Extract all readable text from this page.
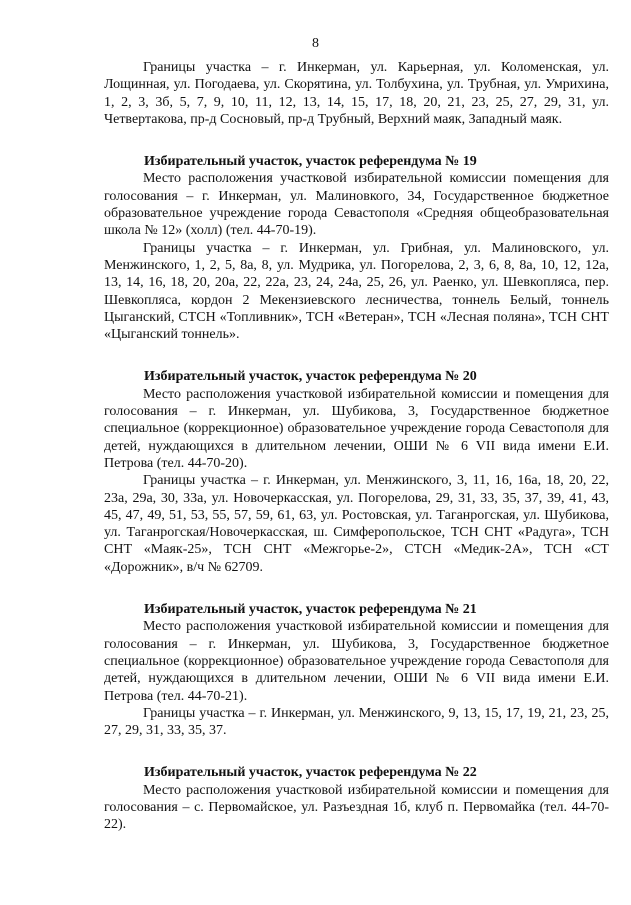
8

Границы участка – г. Инкерман, ул. Карьерная, ул. Коломенская, ул. Лощинная, ул. Погодаева, ул. Скорятина, ул. Толбухина, ул. Трубная, ул. Умрихина, 1, 2, 3, 3б, 5, 7, 9, 10, 11, 12, 13, 14, 15, 17, 18, 20, 21, 23, 25, 27, 29, 31, ул. Четвертакова, пр-д Сосновый, пр-д Трубный, Верхний маяк, Западный маяк.

Избирательный участок, участок референдума № 19

Место расположения участковой избирательной комиссии помещения для голосования – г. Инкерман, ул. Малиновкого, 34, Государственное бюджетное образовательное учреждение города Севастополя «Средняя общеобразовательная школа № 12» (холл) (тел. 44-70-19).

Границы участка – г. Инкерман, ул. Грибная, ул. Малиновского, ул. Менжинского, 1, 2, 5, 8а, 8, ул. Мудрика, ул. Погорелова, 2, 3, 6, 8, 8а, 10, 12, 12а, 13, 14, 16, 18, 20, 20а, 22, 22а, 23, 24, 24а, 25, 26, ул. Раенко, ул. Шевкопляса, пер. Шевкопляса, кордон 2 Мекензиевского лесничества, тоннель Белый, тоннель Цыганский, СТСН «Топливник», ТСН «Ветеран», ТСН «Лесная поляна», ТСН СНТ «Цыганский тоннель».

Избирательный участок, участок референдума № 20

Место расположения участковой избирательной комиссии и помещения для голосования – г. Инкерман, ул. Шубикова, 3, Государственное бюджетное специальное (коррекционное) образовательное учреждение города Севастополя для детей, нуждающихся в длительном лечении, ОШИ № 6 VII вида имени Е.И. Петрова (тел. 44-70-20).

Границы участка – г. Инкерман, ул. Менжинского, 3, 11, 16, 16а, 18, 20, 22, 23а, 29а, 30, 33а, ул. Новочеркасская, ул. Погорелова, 29, 31, 33, 35, 37, 39, 41, 43, 45, 47, 49, 51, 53, 55, 57, 59, 61, 63, ул. Ростовская, ул. Таганрогская, ул. Шубикова, ул. Таганрогская/Новочеркасская, ш. Симферопольское, ТСН СНТ «Радуга», ТСН СНТ «Маяк-25», ТСН СНТ «Межгорье-2», СТСН «Медик-2А», ТСН «СТ «Дорожник», в/ч № 62709.

Избирательный участок, участок референдума № 21

Место расположения участковой избирательной комиссии и помещения для голосования – г. Инкерман, ул. Шубикова, 3, Государственное бюджетное специальное (коррекционное) образовательное учреждение города Севастополя для детей, нуждающихся в длительном лечении, ОШИ № 6 VII вида имени Е.И. Петрова (тел. 44-70-21).

Границы участка – г. Инкерман, ул. Менжинского, 9, 13, 15, 17, 19, 21, 23, 25, 27, 29, 31, 33, 35, 37.

Избирательный участок, участок референдума № 22

Место расположения участковой избирательной комиссии и помещения для голосования – с. Первомайское, ул. Разъездная 1б, клуб п. Первомайка (тел. 44-70-22).
